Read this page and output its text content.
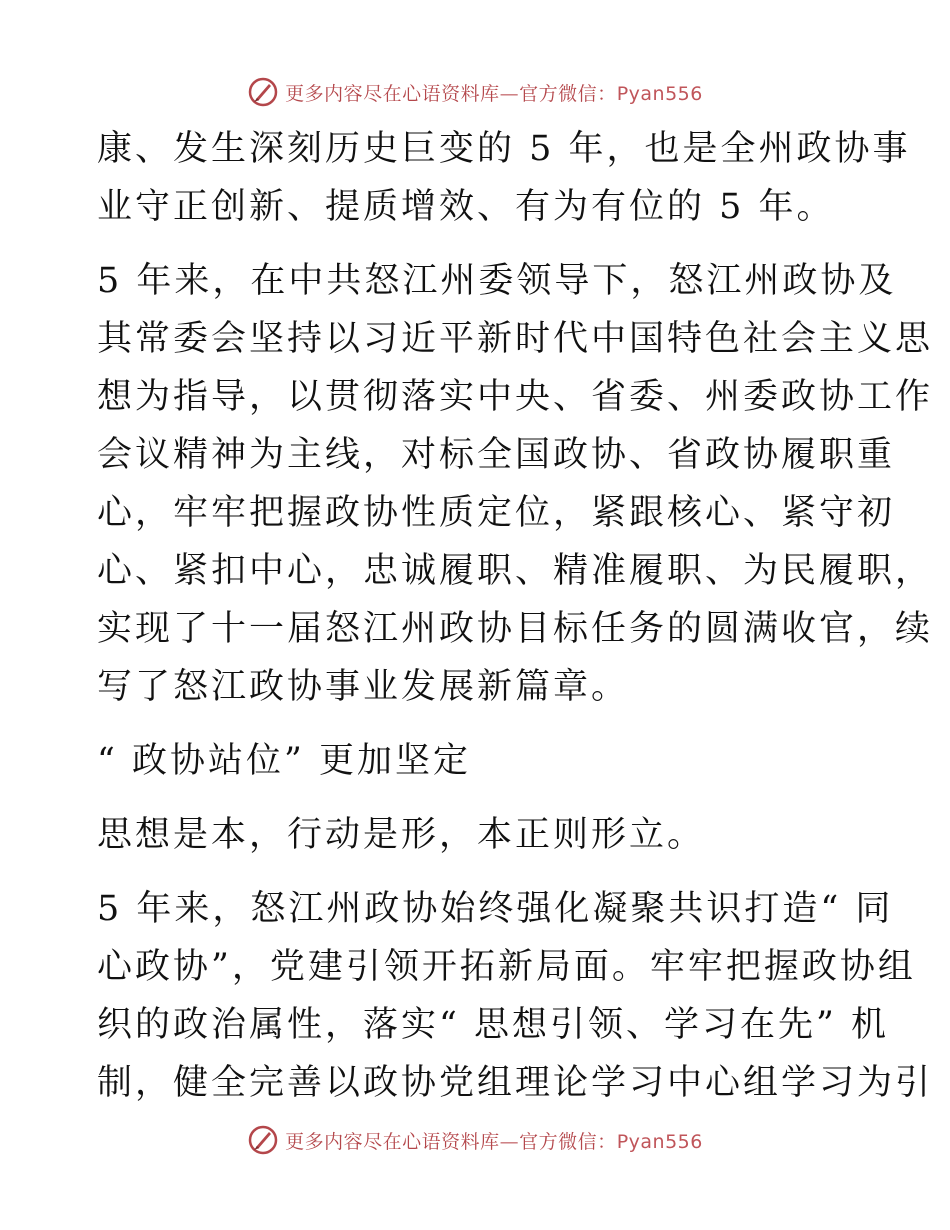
更多内容尽在心语资料库—官方微信：Pyan556
康、发生深刻历史巨变的 5 年，也是全州政协事
业守正创新、提质增效、有为有位的 5 年。
5 年来，在中共怒江州委领导下，怒江州政协及
其常委会坚持以习近平新时代中国特色社会主义思
想为指导，以贯彻落实中央、省委、州委政协工作
会议精神为主线，对标全国政协、省政协履职重
心，牢牢把握政协性质定位，紧跟核心、紧守初
心、紧扣中心，忠诚履职、精准履职、为民履职，
实现了十一届怒江州政协目标任务的圆满收官，续
写了怒江政协事业发展新篇章。
“ 政协站位” 更加坚定
思想是本，行动是形，本正则形立。
5 年来，怒江州政协始终强化凝聚共识打造“ 同
心政协”，党建引领开拓新局面。牢牢把握政协组
织的政治属性，落实“ 思想引领、学习在先” 机
制，健全完善以政协党组理论学习中心组学习为引
更多内容尽在心语资料库—官方微信：Pyan556
